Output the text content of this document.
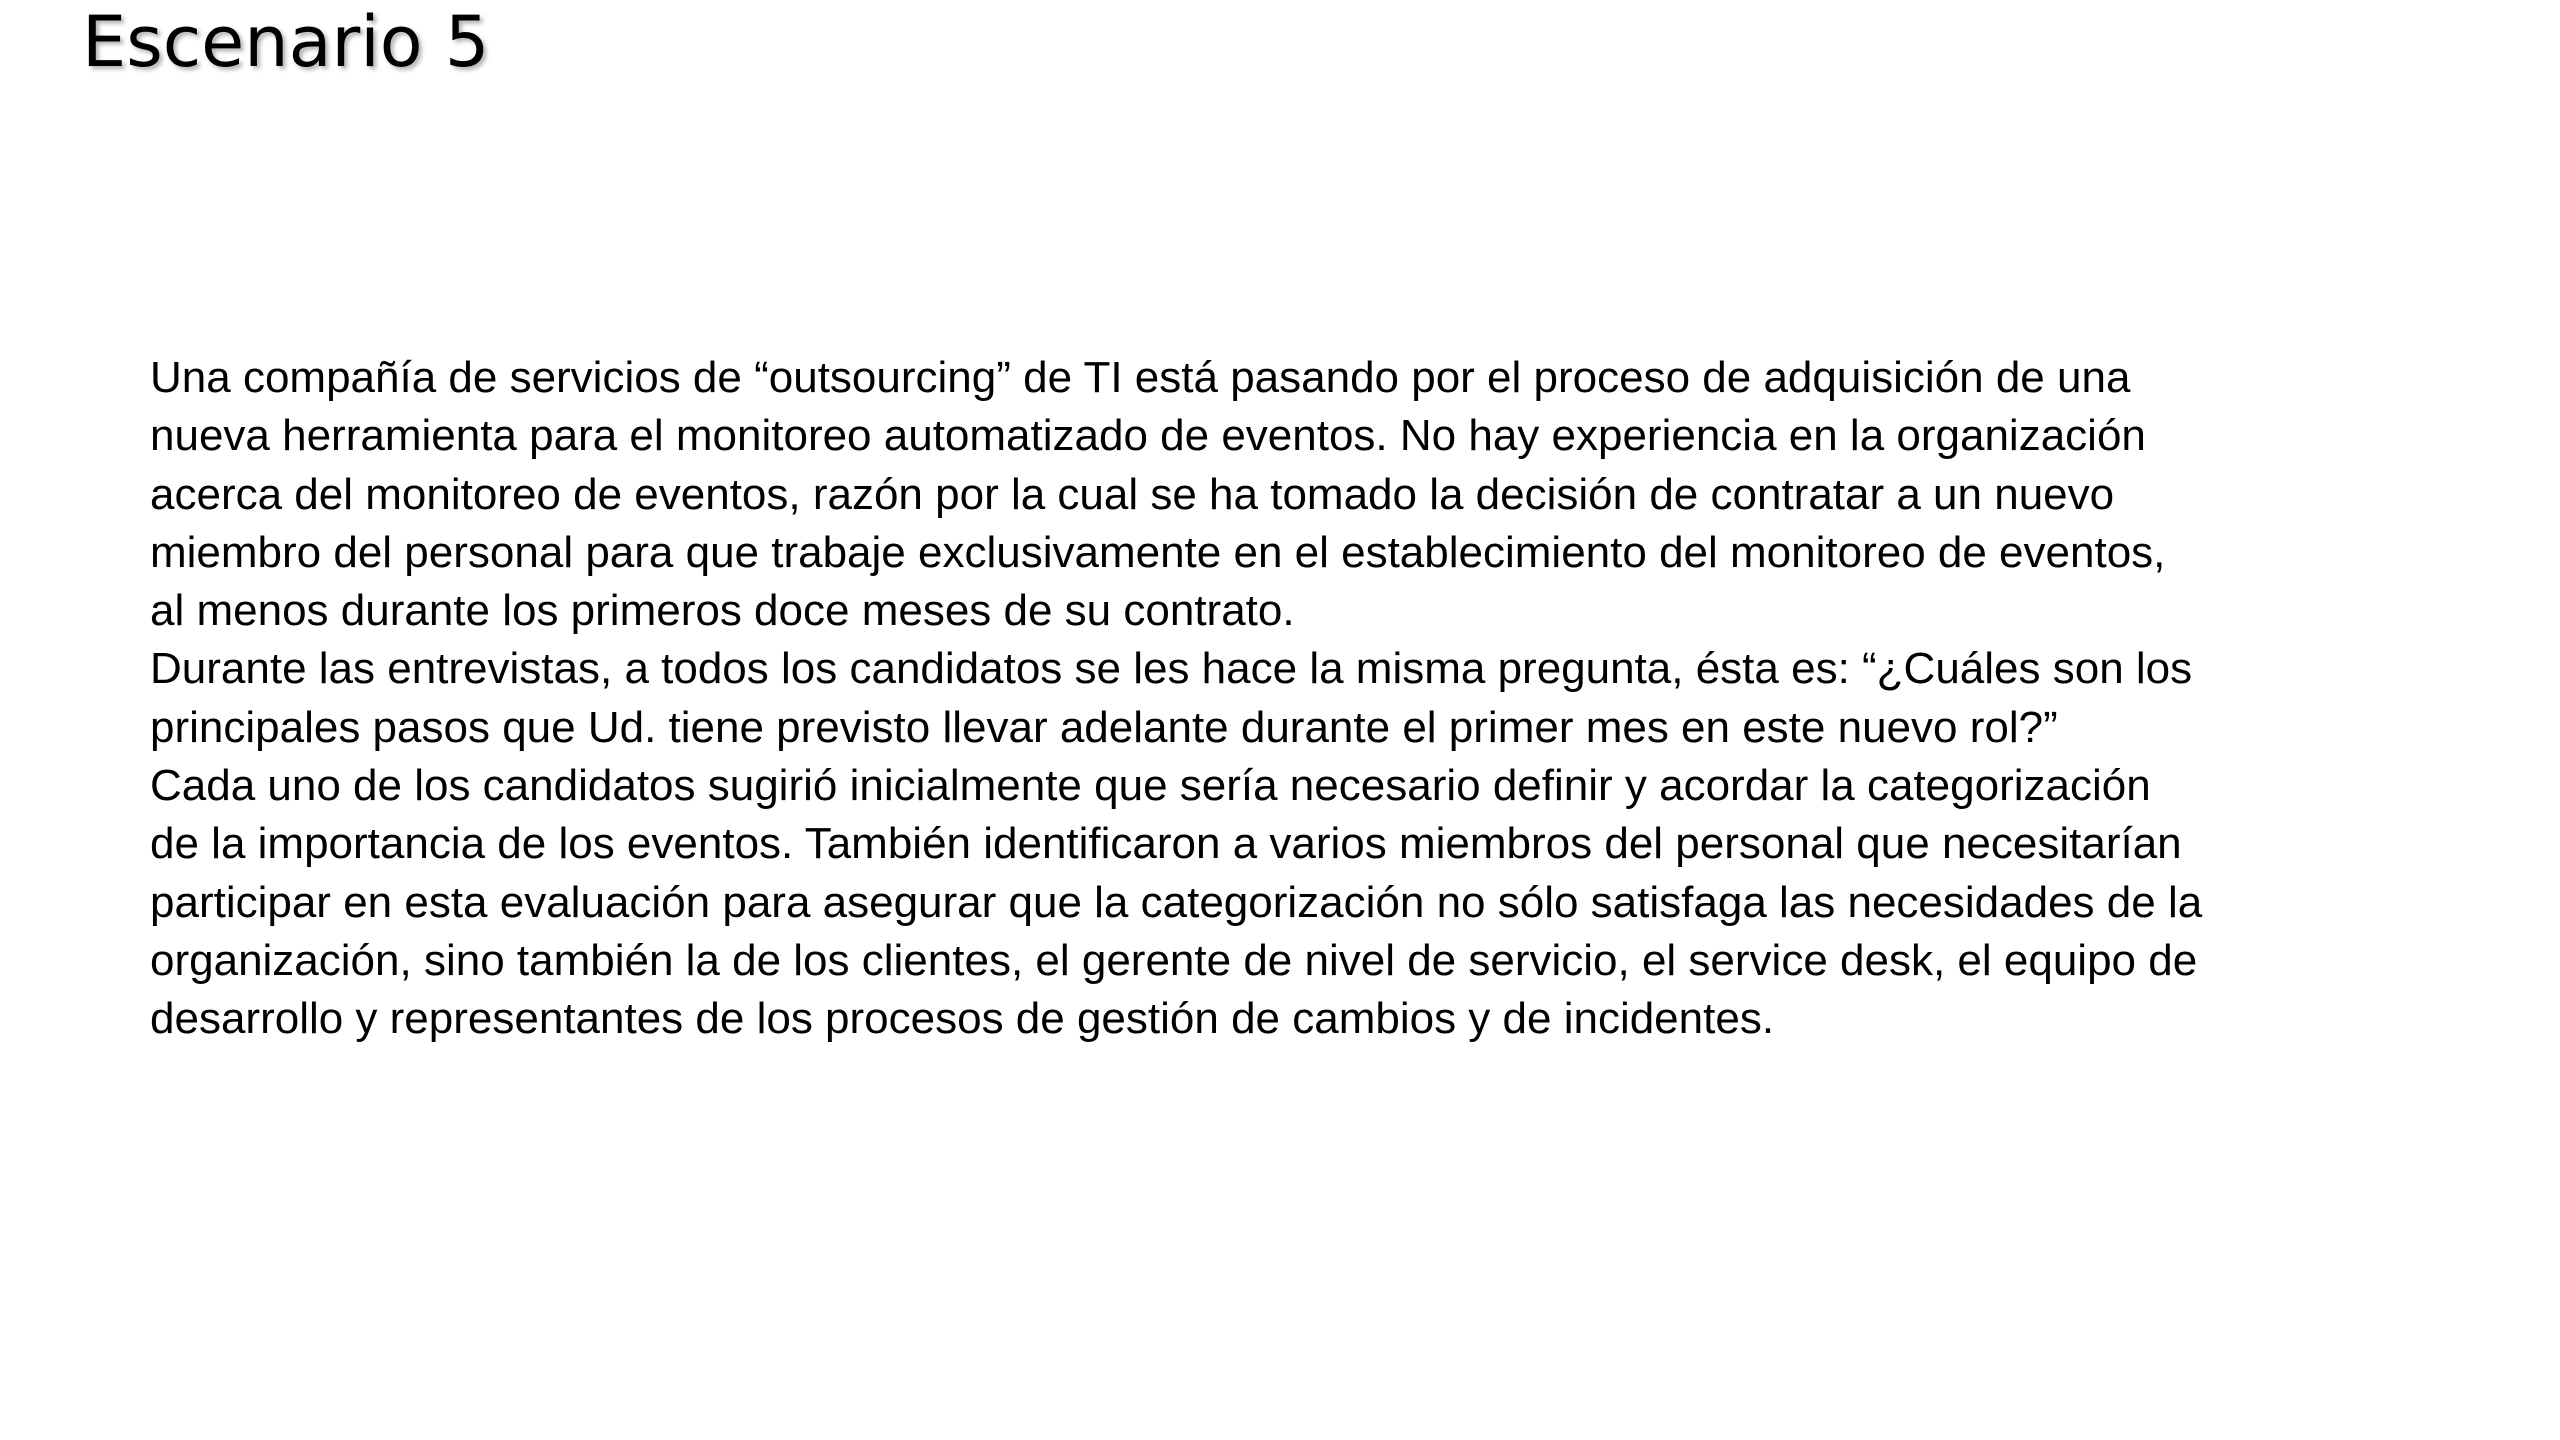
Escenario 5
Una compañía de servicios de “outsourcing” de TI está pasando por el proceso de adquisición de una
nueva herramienta para el monitoreo automatizado de eventos. No hay experiencia en la organización
acerca del monitoreo de eventos, razón por la cual se ha tomado la decisión de contratar a un nuevo
miembro del personal para que trabaje exclusivamente en el establecimiento del monitoreo de eventos,
al menos durante los primeros doce meses de su contrato.
Durante las entrevistas, a todos los candidatos se les hace la misma pregunta, ésta es: “¿Cuáles son los
principales pasos que Ud. tiene previsto llevar adelante durante el primer mes en este nuevo rol?”
Cada uno de los candidatos sugirió inicialmente que sería necesario definir y acordar la categorización
de la importancia de los eventos. También identificaron a varios miembros del personal que necesitarían
participar en esta evaluación para asegurar que la categorización no sólo satisfaga las necesidades de la
organización, sino también la de los clientes, el gerente de nivel de servicio, el service desk, el equipo de
desarrollo y representantes de los procesos de gestión de cambios y de incidentes.
